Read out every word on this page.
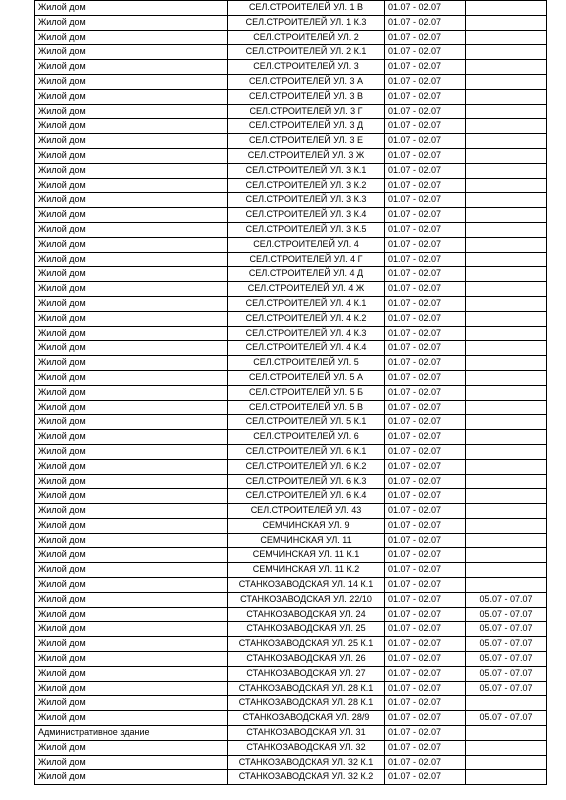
Жилой дом	СЕЛ.СТРОИТЕЛЕЙ УЛ. 1 В	01.07 - 02.07	
Жилой дом	СЕЛ.СТРОИТЕЛЕЙ УЛ. 1 К.3	01.07 - 02.07	
Жилой дом	СЕЛ.СТРОИТЕЛЕЙ УЛ. 2	01.07 - 02.07	
Жилой дом	СЕЛ.СТРОИТЕЛЕЙ УЛ. 2 К.1	01.07 - 02.07	
Жилой дом	СЕЛ.СТРОИТЕЛЕЙ УЛ. 3	01.07 - 02.07	
Жилой дом	СЕЛ.СТРОИТЕЛЕЙ УЛ. 3 А	01.07 - 02.07	
Жилой дом	СЕЛ.СТРОИТЕЛЕЙ УЛ. 3 В	01.07 - 02.07	
Жилой дом	СЕЛ.СТРОИТЕЛЕЙ УЛ. 3 Г	01.07 - 02.07	
Жилой дом	СЕЛ.СТРОИТЕЛЕЙ УЛ. 3 Д	01.07 - 02.07	
Жилой дом	СЕЛ.СТРОИТЕЛЕЙ УЛ. 3 Е	01.07 - 02.07	
Жилой дом	СЕЛ.СТРОИТЕЛЕЙ УЛ. 3 Ж	01.07 - 02.07	
Жилой дом	СЕЛ.СТРОИТЕЛЕЙ УЛ. 3 К.1	01.07 - 02.07	
Жилой дом	СЕЛ.СТРОИТЕЛЕЙ УЛ. 3 К.2	01.07 - 02.07	
Жилой дом	СЕЛ.СТРОИТЕЛЕЙ УЛ. 3 К.3	01.07 - 02.07	
Жилой дом	СЕЛ.СТРОИТЕЛЕЙ УЛ. 3 К.4	01.07 - 02.07	
Жилой дом	СЕЛ.СТРОИТЕЛЕЙ УЛ. 3 К.5	01.07 - 02.07	
Жилой дом	СЕЛ.СТРОИТЕЛЕЙ УЛ. 4	01.07 - 02.07	
Жилой дом	СЕЛ.СТРОИТЕЛЕЙ УЛ. 4 Г	01.07 - 02.07	
Жилой дом	СЕЛ.СТРОИТЕЛЕЙ УЛ. 4 Д	01.07 - 02.07	
Жилой дом	СЕЛ.СТРОИТЕЛЕЙ УЛ. 4 Ж	01.07 - 02.07	
Жилой дом	СЕЛ.СТРОИТЕЛЕЙ УЛ. 4 К.1	01.07 - 02.07	
Жилой дом	СЕЛ.СТРОИТЕЛЕЙ УЛ. 4 К.2	01.07 - 02.07	
Жилой дом	СЕЛ.СТРОИТЕЛЕЙ УЛ. 4 К.3	01.07 - 02.07	
Жилой дом	СЕЛ.СТРОИТЕЛЕЙ УЛ. 4 К.4	01.07 - 02.07	
Жилой дом	СЕЛ.СТРОИТЕЛЕЙ УЛ. 5	01.07 - 02.07	
Жилой дом	СЕЛ.СТРОИТЕЛЕЙ УЛ. 5 А	01.07 - 02.07	
Жилой дом	СЕЛ.СТРОИТЕЛЕЙ УЛ. 5 Б	01.07 - 02.07	
Жилой дом	СЕЛ.СТРОИТЕЛЕЙ УЛ. 5 В	01.07 - 02.07	
Жилой дом	СЕЛ.СТРОИТЕЛЕЙ УЛ. 5 К.1	01.07 - 02.07	
Жилой дом	СЕЛ.СТРОИТЕЛЕЙ УЛ. 6	01.07 - 02.07	
Жилой дом	СЕЛ.СТРОИТЕЛЕЙ УЛ. 6 К.1	01.07 - 02.07	
Жилой дом	СЕЛ.СТРОИТЕЛЕЙ УЛ. 6 К.2	01.07 - 02.07	
Жилой дом	СЕЛ.СТРОИТЕЛЕЙ УЛ. 6 К.3	01.07 - 02.07	
Жилой дом	СЕЛ.СТРОИТЕЛЕЙ УЛ. 6 К.4	01.07 - 02.07	
Жилой дом	СЕЛ.СТРОИТЕЛЕЙ УЛ. 43	01.07 - 02.07	
Жилой дом	СЕМЧИНСКАЯ УЛ. 9	01.07 - 02.07	
Жилой дом	СЕМЧИНСКАЯ УЛ. 11	01.07 - 02.07	
Жилой дом	СЕМЧИНСКАЯ УЛ. 11 К.1	01.07 - 02.07	
Жилой дом	СЕМЧИНСКАЯ УЛ. 11 К.2	01.07 - 02.07	
Жилой дом	СТАНКОЗАВОДСКАЯ УЛ. 14 К.1	01.07 - 02.07	
Жилой дом	СТАНКОЗАВОДСКАЯ УЛ. 22/10	01.07 - 02.07	05.07 - 07.07
Жилой дом	СТАНКОЗАВОДСКАЯ УЛ. 24	01.07 - 02.07	05.07 - 07.07
Жилой дом	СТАНКОЗАВОДСКАЯ УЛ. 25	01.07 - 02.07	05.07 - 07.07
Жилой дом	СТАНКОЗАВОДСКАЯ УЛ. 25 К.1	01.07 - 02.07	05.07 - 07.07
Жилой дом	СТАНКОЗАВОДСКАЯ УЛ. 26	01.07 - 02.07	05.07 - 07.07
Жилой дом	СТАНКОЗАВОДСКАЯ УЛ. 27	01.07 - 02.07	05.07 - 07.07
Жилой дом	СТАНКОЗАВОДСКАЯ УЛ. 28 К.1	01.07 - 02.07	05.07 - 07.07
Жилой дом	СТАНКОЗАВОДСКАЯ УЛ. 28 К.1	01.07 - 02.07	
Жилой дом	СТАНКОЗАВОДСКАЯ УЛ. 28/9	01.07 - 02.07	05.07 - 07.07
Административное здание	СТАНКОЗАВОДСКАЯ УЛ. 31	01.07 - 02.07	
Жилой дом	СТАНКОЗАВОДСКАЯ УЛ. 32	01.07 - 02.07	
Жилой дом	СТАНКОЗАВОДСКАЯ УЛ. 32 К.1	01.07 - 02.07	
Жилой дом	СТАНКОЗАВОДСКАЯ УЛ. 32 К.2	01.07 - 02.07	
